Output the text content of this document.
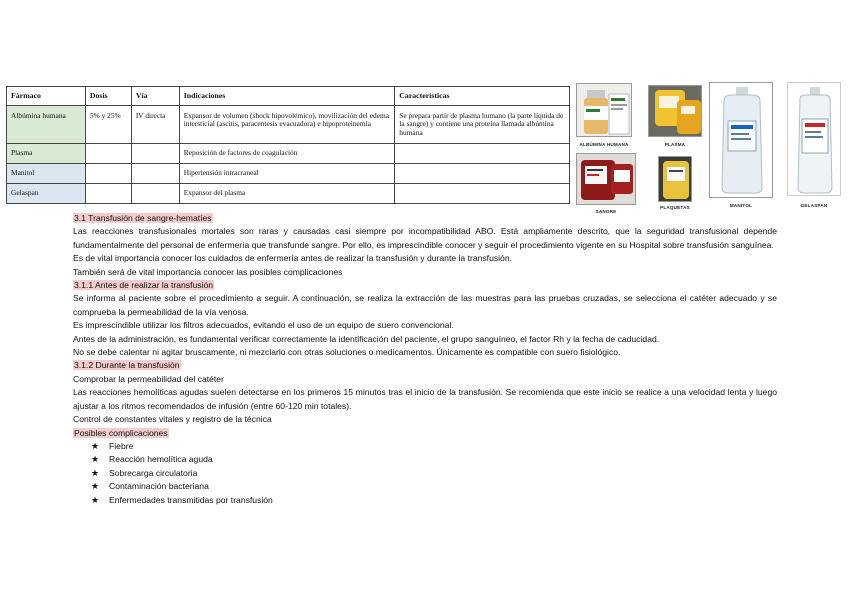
Fármaco	Dosis	Vía	Indicaciones	Características
Albúmina humana	5% y 25%	IV directa	Expansor de volumen (shock hipovolémico), movilización del edema intersticial (ascitis, paracentesis evacuadora) e hipoproteinemia	Se prepara partir de plasma humano (la parte líquida de la sangre) y contiene una proteína llamada albúmina humana
Plasma			Reposición de factores de coagulación	
Manitol			Hipertensión intracraneal	
Gelaspan			Expansor del plasma	
ALBÚMINA HUMANA	PLASMA
SANGRE
PLAQUETAS	MANITOL	GELASPAN

3.1 Transfusión de sangre-hematíes

Las reacciones transfusionales mortales son raras y causadas casi siempre por incompatibilidad ABO. Está ampliamente descrito, que la seguridad transfusional depende fundamentalmente del personal de enfermería que transfunde sangre. Por ello, es imprescindible conocer y seguir el procedimiento vigente en su Hospital sobre transfusión sanguínea.

Es de vital importancia conocer los cuidados de enfermería antes de realizar la transfusión y durante la transfusión.

También será de vital importancia conocer las posibles complicaciones

3.1.1 Antes de realizar la transfusión

Se informa al paciente sobre el procedimiento a seguir. A continuación, se realiza la extracción de las muestras para las pruebas cruzadas, se selecciona el catéter adecuado y se comprueba la permeabilidad de la vía venosa.

Es imprescindible utilizar los filtros adecuados, evitando el uso de un equipo de suero convencional.

Antes de la administración, es fundamental verificar correctamente la identificación del paciente, el grupo sanguíneo, el factor Rh y la fecha de caducidad.

No se debe calentar ni agitar bruscamente, ni mezclarlo con otras soluciones o medicamentos. Únicamente es compatible con suero fisiológico.

3.1.2 Durante la transfusión

Comprobar la permeabilidad del catéter

Las reacciones hemolíticas agudas suelen detectarse en los primeros 15 minutos tras el inicio de la transfusión. Se recomienda que este inicio se realice a una velocidad lenta y luego ajustar a los ritmos recomendados de infusión (entre 60-120 min totales).

Control de constantes vitales y registro de la técnica

Posibles complicaciones

★ Fiebre
★ Reacción hemolítica aguda
★ Sobrecarga circulatoria
★ Contaminación bacteriana
★ Enfermedades transmitidas por transfusión
